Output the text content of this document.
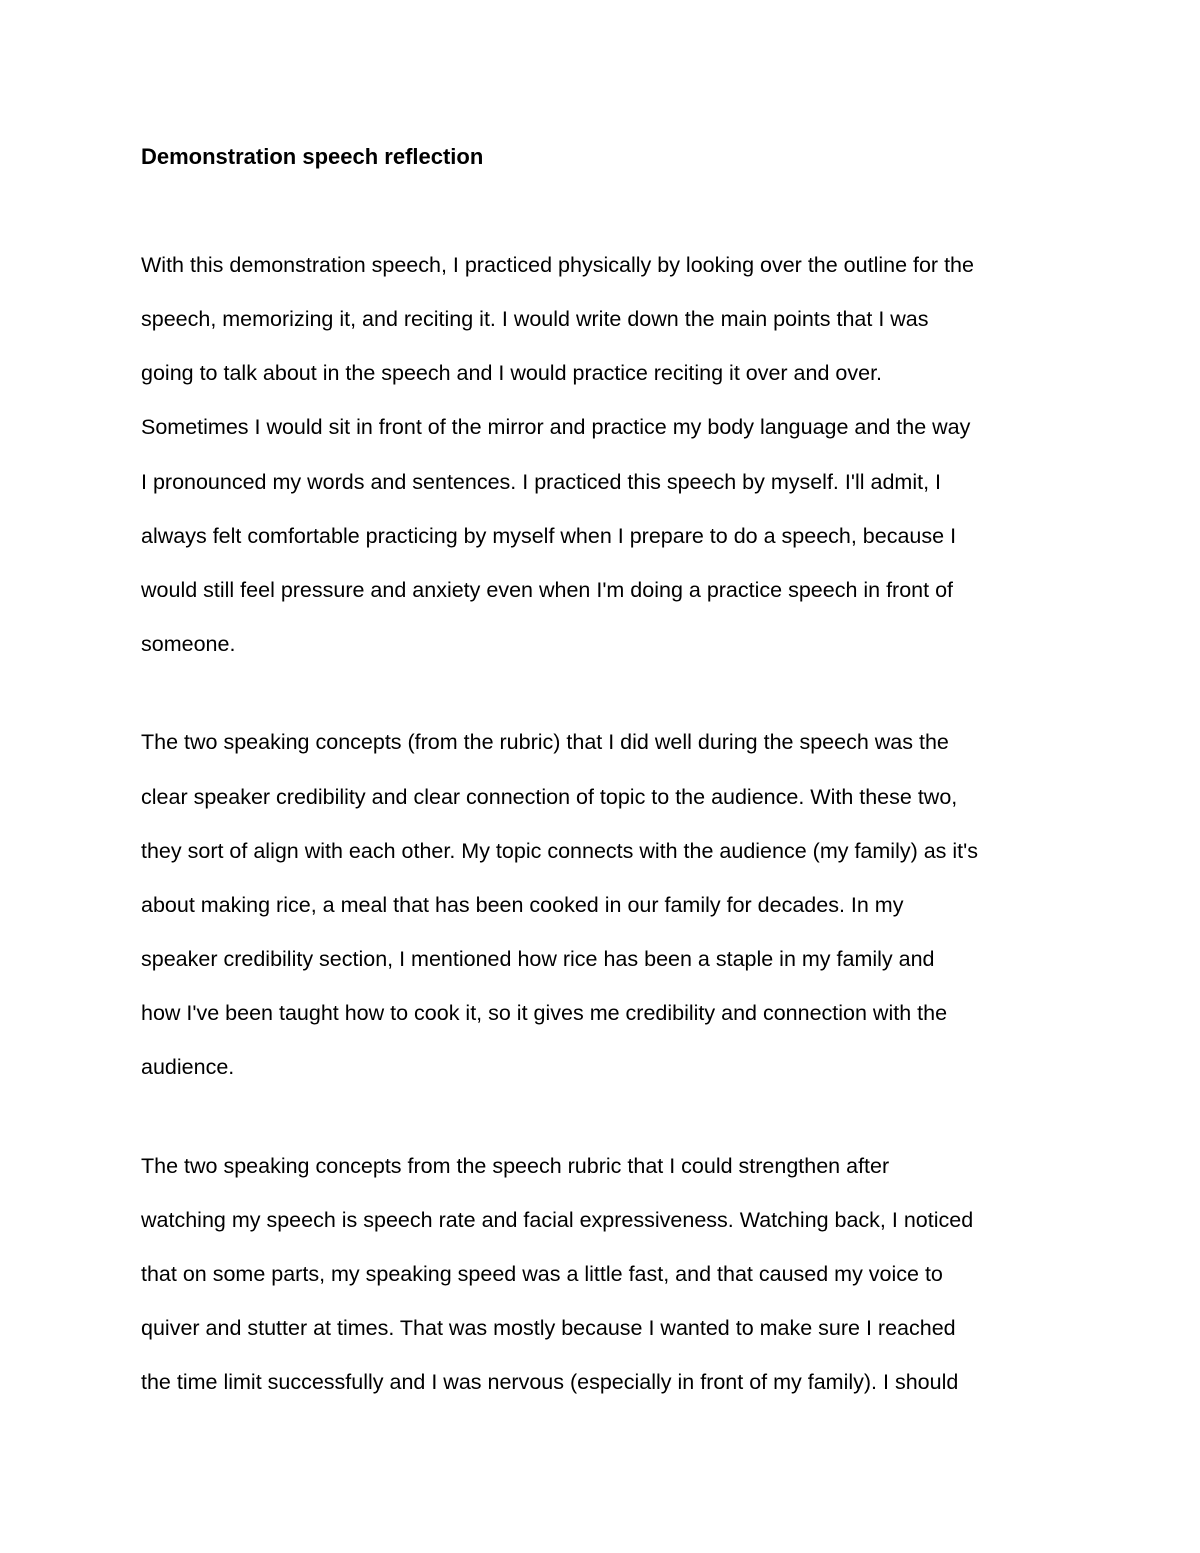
Demonstration speech reflection

With this demonstration speech, I practiced physically by looking over the outline for the

speech, memorizing it, and reciting it. I would write down the main points that I was

going to talk about in the speech and I would practice reciting it over and over.

Sometimes I would sit in front of the mirror and practice my body language and the way

I pronounced my words and sentences. I practiced this speech by myself. I'll admit, I

always felt comfortable practicing by myself when I prepare to do a speech, because I

would still feel pressure and anxiety even when I'm doing a practice speech in front of

someone.

The two speaking concepts (from the rubric) that I did well during the speech was the

clear speaker credibility and clear connection of topic to the audience. With these two,

they sort of align with each other. My topic connects with the audience (my family) as it's

about making rice, a meal that has been cooked in our family for decades. In my

speaker credibility section, I mentioned how rice has been a staple in my family and

how I've been taught how to cook it, so it gives me credibility and connection with the

audience.

The two speaking concepts from the speech rubric that I could strengthen after

watching my speech is speech rate and facial expressiveness. Watching back, I noticed

that on some parts, my speaking speed was a little fast, and that caused my voice to

quiver and stutter at times. That was mostly because I wanted to make sure I reached

the time limit successfully and I was nervous (especially in front of my family). I should
